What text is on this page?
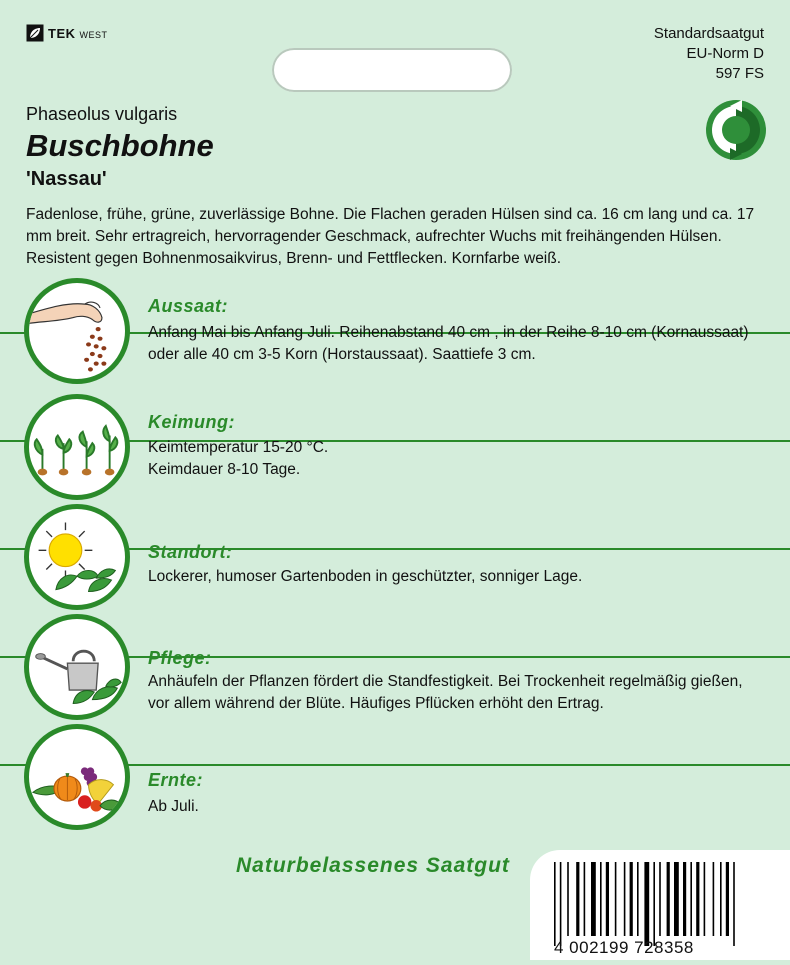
TEK WEST	Standardsaatgut
EU-Norm D
597 FS
Phaseolus vulgaris
Buschbohne
'Nassau'
Fadenlose, frühe, grüne, zuverlässige Bohne. Die Flachen geraden Hülsen sind ca. 16 cm lang und ca. 17 mm breit. Sehr ertragreich, hervorragender Geschmack, aufrechter Wuchs mit freihängenden Hülsen. Resistent gegen Bohnenmosaikvirus, Brenn- und Fettflecken. Kornfarbe weiß.
Aussaat:
Anfang Mai bis Anfang Juli. Reihenabstand 40 cm , in der Reihe 8-10 cm (Kornaussaat) oder alle 40 cm 3-5 Korn (Horstaussaat). Saattiefe 3 cm.
Keimung:
Keimtemperatur 15-20 °C.
Keimdauer 8-10 Tage.
Standort:
Lockerer, humoser Gartenboden in geschützter, sonniger Lage.
Pflege:
Anhäufeln der Pflanzen fördert die Standfestigkeit. Bei Trockenheit regelmäßig gießen, vor allem während der Blüte. Häufiges Pflücken erhöht den Ertrag.
Ernte:
Ab Juli.
Naturbelassenes Saatgut
4 002199 728358
